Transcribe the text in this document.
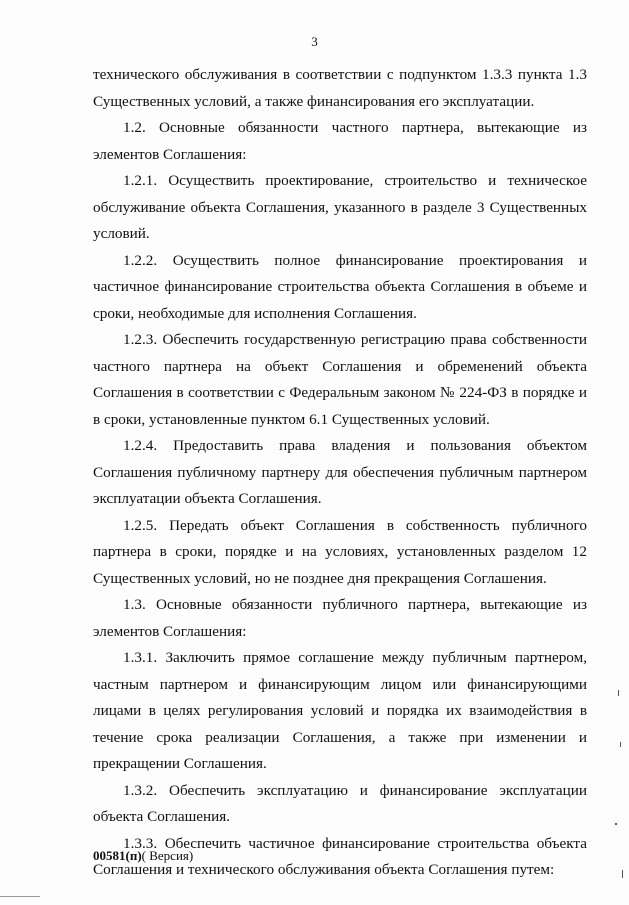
3

технического обслуживания в соответствии с подпунктом 1.3.3 пункта 1.3 Существенных условий, а также финансирования его эксплуатации.

1.2. Основные обязанности частного партнера, вытекающие из элементов Соглашения:

1.2.1. Осуществить проектирование, строительство и техническое обслуживание объекта Соглашения, указанного в разделе 3 Существенных условий.

1.2.2. Осуществить полное финансирование проектирования и частичное финансирование строительства объекта Соглашения в объеме и сроки, необходимые для исполнения Соглашения.

1.2.3. Обеспечить государственную регистрацию права собственности частного партнера на объект Соглашения и обременений объекта Соглашения в соответствии с Федеральным законом № 224-ФЗ в порядке и в сроки, установленные пунктом 6.1 Существенных условий.

1.2.4. Предоставить права владения и пользования объектом Соглашения публичному партнеру для обеспечения публичным партнером эксплуатации объекта Соглашения.

1.2.5. Передать объект Соглашения в собственность публичного партнера в сроки, порядке и на условиях, установленных разделом 12 Существенных условий, но не позднее дня прекращения Соглашения.

1.3. Основные обязанности публичного партнера, вытекающие из элементов Соглашения:

1.3.1. Заключить прямое соглашение между публичным партнером, частным партнером и финансирующим лицом или финансирующими лицами в целях регулирования условий и порядка их взаимодействия в течение срока реализации Соглашения, а также при изменении и прекращении Соглашения.

1.3.2. Обеспечить эксплуатацию и финансирование эксплуатации объекта Соглашения.

1.3.3. Обеспечить частичное финансирование строительства объекта Соглашения и технического обслуживания объекта Соглашения путем:

00581(п)( Версия)
